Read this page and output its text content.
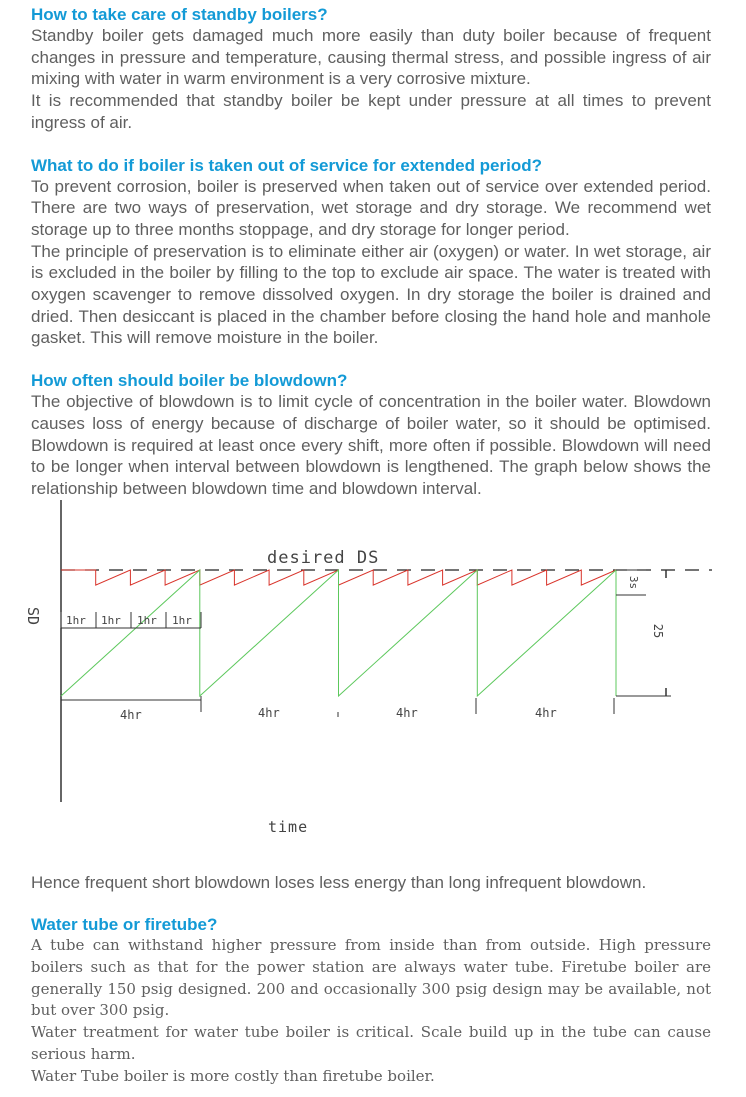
How to take care of standby boilers?

Standby boiler gets damaged much more easily than duty boiler because of frequent changes in pressure and temperature, causing thermal stress, and possible ingress of air mixing with water in warm environment is a very corrosive mixture.

It is recommended that standby boiler be kept under pressure at all times to prevent ingress of air.

What to do if boiler is taken out of service for extended period?

To prevent corrosion, boiler is preserved when taken out of service over extended period. There are two ways of preservation, wet storage and dry storage. We recommend wet storage up to three months stoppage, and dry storage for longer period.

The principle of preservation is to eliminate either air (oxygen) or water. In wet storage, air is excluded in the boiler by filling to the top to exclude air space. The water is treated with oxygen scavenger to remove dissolved oxygen. In dry storage the boiler is drained and dried. Then desiccant is placed in the chamber before closing the hand hole and manhole gasket. This will remove moisture in the boiler.

How often should boiler be blowdown?

The objective of blowdown is to limit cycle of concentration in the boiler water. Blowdown causes loss of energy because of discharge of boiler water, so it should be optimised. Blowdown is required at least once every shift, more often if possible. Blowdown will need to be longer when interval between blowdown is lengthened. The graph below shows the relationship between blowdown time and blowdown interval.

desired DS
SD
time
1hr 1hr 1hr 1hr
4hr	4hr	4hr	4hr
3s
25

Hence frequent short blowdown loses less energy than long infrequent blowdown.

Water tube or firetube?

A tube can withstand higher pressure from inside than from outside. High pressure boilers such as that for the power station are always water tube. Firetube boiler are generally 150 psig designed. 200 and occasionally 300 psig design may be available, not but over 300 psig.

Water treatment for water tube boiler is critical. Scale build up in the tube can cause serious harm.

Water Tube boiler is more costly than firetube boiler.
